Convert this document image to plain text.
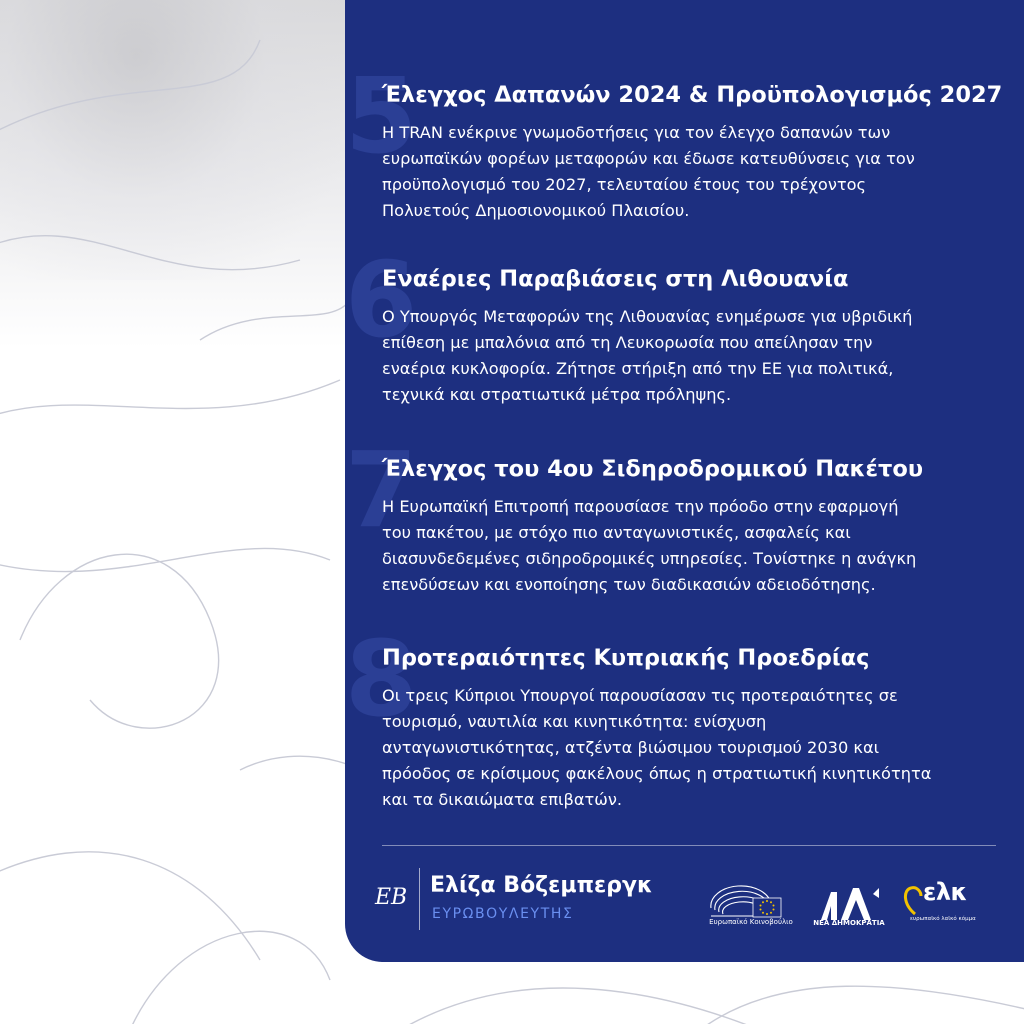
5
Έλεγχος Δαπανών 2024 & Προϋπολογισμός 2027
Η TRAN ενέκρινε γνωμοδοτήσεις για τον έλεγχο δαπανών των
ευρωπαϊκών φορέων μεταφορών και έδωσε κατευθύνσεις για τον
προϋπολογισμό του 2027, τελευταίου έτους του τρέχοντος
Πολυετούς Δημοσιονομικού Πλαισίου.
6
Εναέριες Παραβιάσεις στη Λιθουανία
Ο Υπουργός Μεταφορών της Λιθουανίας ενημέρωσε για υβριδική
επίθεση με μπαλόνια από τη Λευκορωσία που απείλησαν την
εναέρια κυκλοφορία. Ζήτησε στήριξη από την ΕΕ για πολιτικά,
τεχνικά και στρατιωτικά μέτρα πρόληψης.
7
Έλεγχος του 4ου Σιδηροδρομικού Πακέτου
Η Ευρωπαϊκή Επιτροπή παρουσίασε την πρόοδο στην εφαρμογή
του πακέτου, με στόχο πιο ανταγωνιστικές, ασφαλείς και
διασυνδεδεμένες σιδηροδρομικές υπηρεσίες. Τονίστηκε η ανάγκη
επενδύσεων και ενοποίησης των διαδικασιών αδειοδότησης.
8
Προτεραιότητες Κυπριακής Προεδρίας
Οι τρεις Κύπριοι Υπουργοί παρουσίασαν τις προτεραιότητες σε
τουρισμό, ναυτιλία και κινητικότητα: ενίσχυση
ανταγωνιστικότητας, ατζέντα βιώσιμου τουρισμού 2030 και
πρόοδος σε κρίσιμους φακέλους όπως η στρατιωτική κινητικότητα
και τα δικαιώματα επιβατών.
EB Ελίζα Βόζεμπεργκ
ΕΥΡΩΒΟΥΛΕΥΤΗΣ	Ευρωπαϊκό Κοινοβούλιο	ΝΕΑ ΔΗΜΟΚΡΑΤΙΑ
ελκ
ευρωπαϊκό λαϊκό κόμμα
